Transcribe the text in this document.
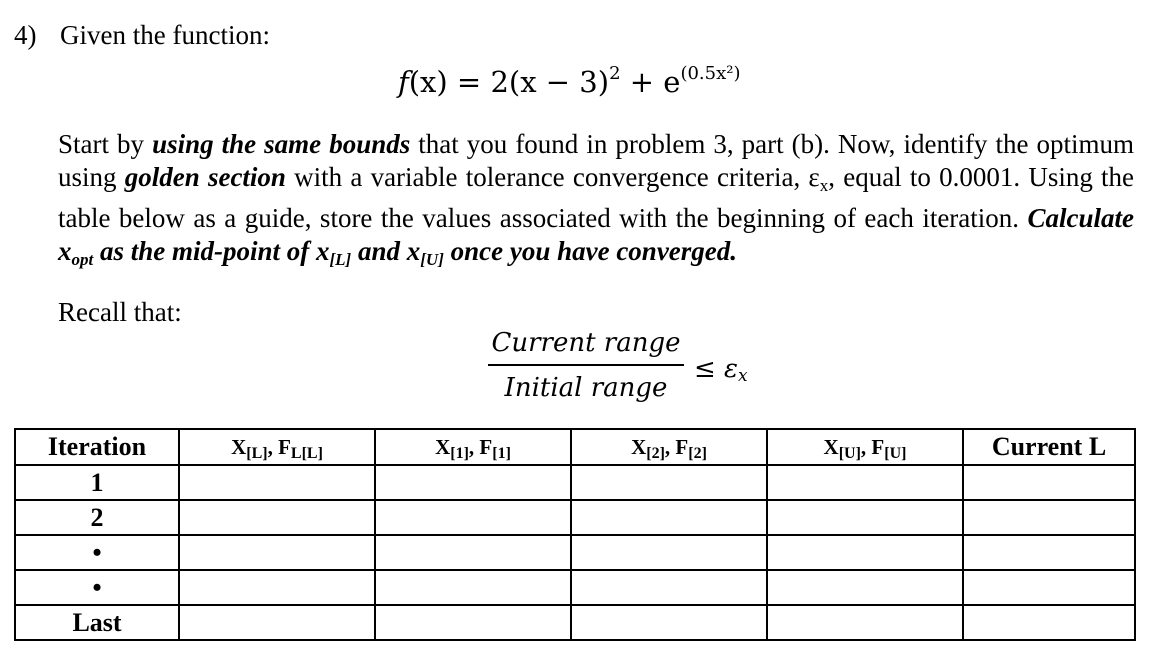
4) Given the function:
$f(x) = 2(x - 3)^2 + e^{(0.5x^2)}$
Start by using the same bounds that you found in problem 3, part (b). Now, identify the optimum using golden section with a variable tolerance convergence criteria, $\varepsilon_x$, equal to 0.0001. Using the table below as a guide, store the values associated with the beginning of each iteration. Calculate $x_{opt}$ as the mid-point of $x_{[L]}$ and $x_{[U]}$ once you have converged.
Recall that:
Current range
Initial range
≤ εx
Iteration	X[L], FL[L]	X[1], F[1]	X[2], F[2]	X[U], F[U]	Current L
1					
2					
•					
•					
Last					
